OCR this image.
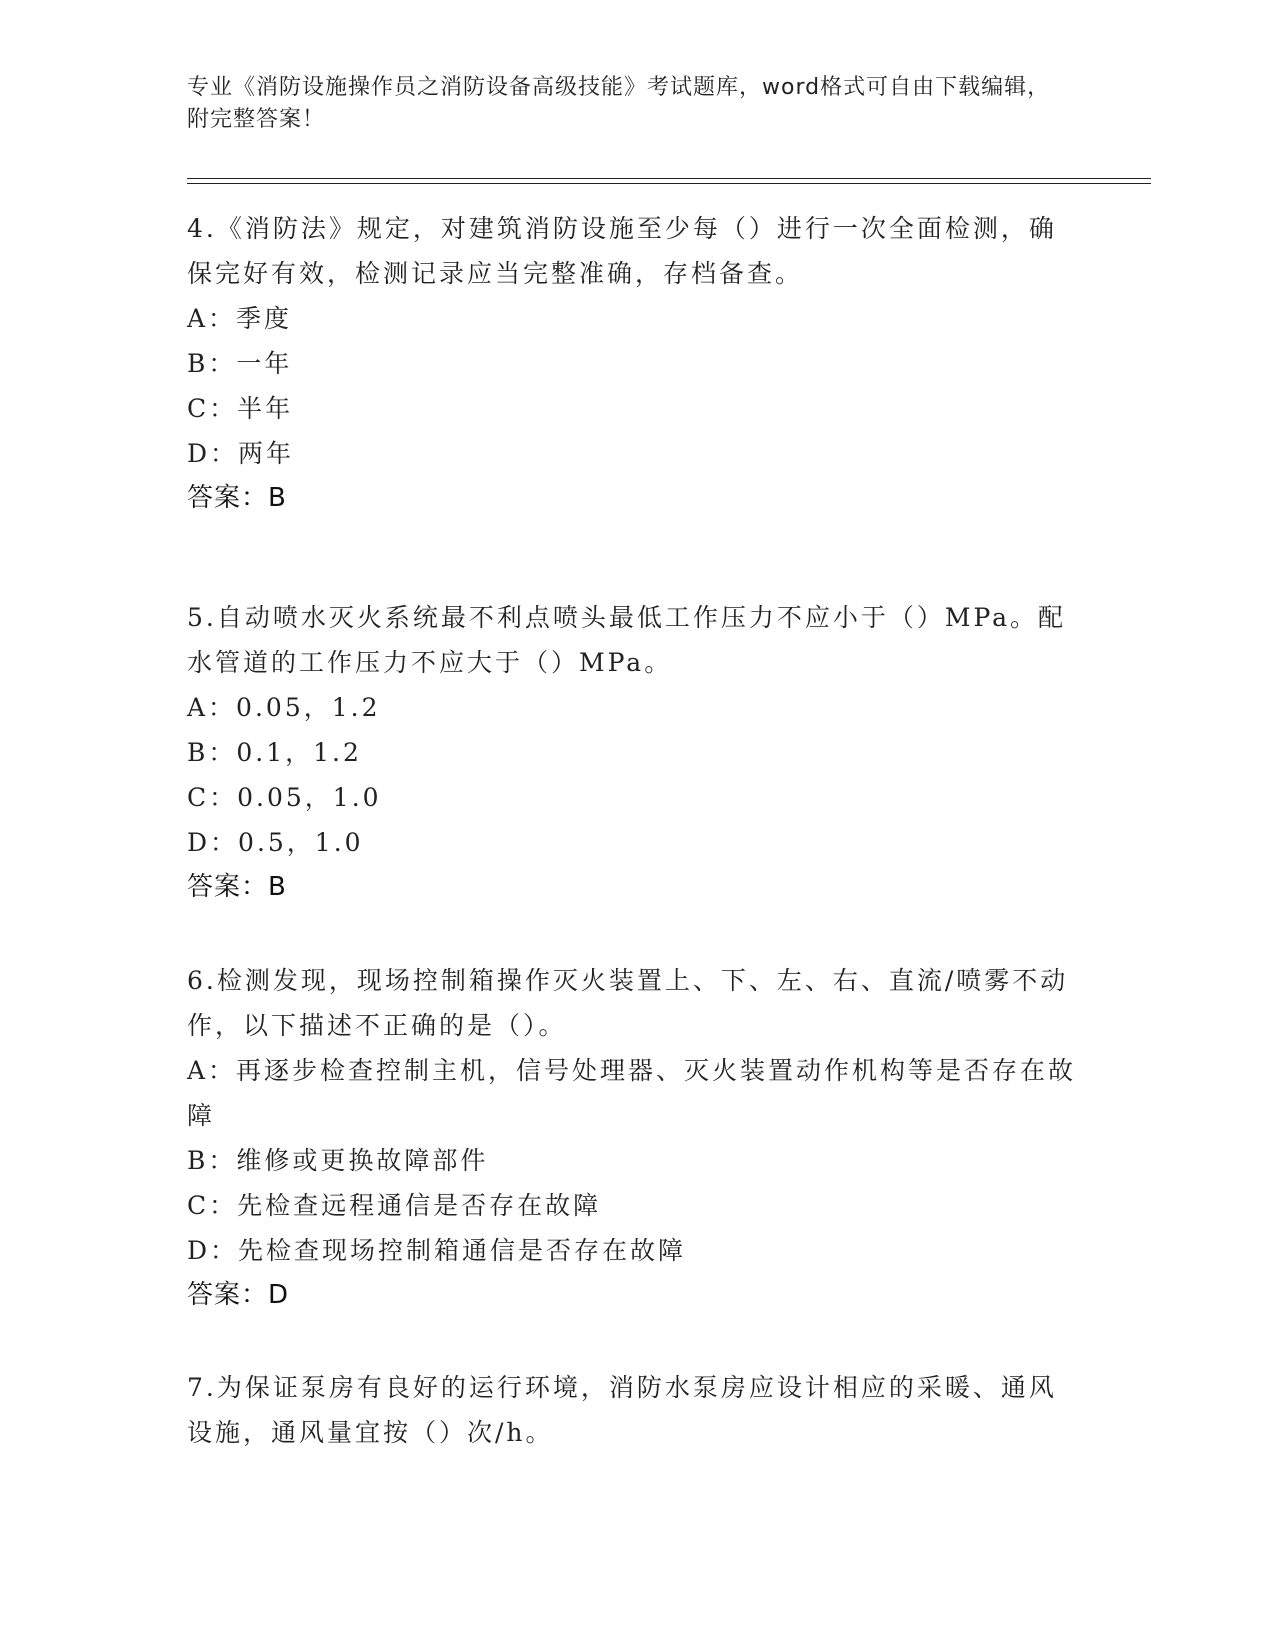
专业《消防设施操作员之消防设备高级技能》考试题库，word格式可自由下载编辑，附完整答案！
4.《消防法》规定，对建筑消防设施至少每（）进行一次全面检测，确保完好有效，检测记录应当完整准确，存档备查。
A：季度
B：一年
C：半年
D：两年
答案：B
5.自动喷水灭火系统最不利点喷头最低工作压力不应小于（）MPa。配水管道的工作压力不应大于（）MPa。
A：0.05，1.2
B：0.1，1.2
C：0.05，1.0
D：0.5，1.0
答案：B
6.检测发现，现场控制箱操作灭火装置上、下、左、右、直流/喷雾不动作，以下描述不正确的是（）。
A：再逐步检查控制主机，信号处理器、灭火装置动作机构等是否存在故障
B：维修或更换故障部件
C：先检查远程通信是否存在故障
D：先检查现场控制箱通信是否存在故障
答案：D
7.为保证泵房有良好的运行环境，消防水泵房应设计相应的采暖、通风设施，通风量宜按（）次/h。
